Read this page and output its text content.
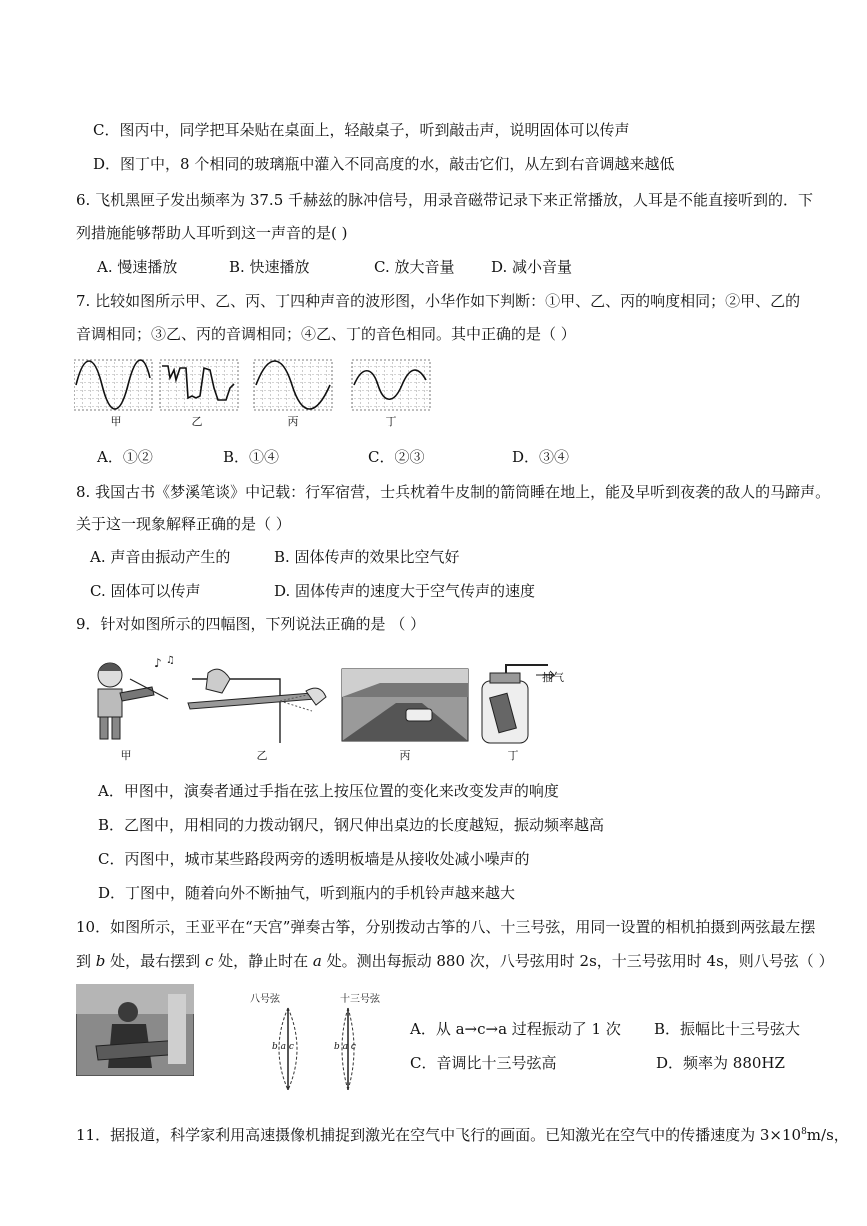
C．图丙中，同学把耳朵贴在桌面上，轻敲桌子，听到敲击声，说明固体可以传声
D．图丁中，8 个相同的玻璃瓶中灌入不同高度的水，敲击它们，从左到右音调越来越低
6. 飞机黑匣子发出频率为 37.5 千赫兹的脉冲信号，用录音磁带记录下来正常播放，人耳是不能直接听到的．下
列措施能够帮助人耳听到这一声音的是( )
A. 慢速播放	B. 快速播放	C. 放大音量 D. 减小音量
7. 比较如图所示甲、乙、丙、丁四种声音的波形图，小华作如下判断：①甲、乙、丙的响度相同；②甲、乙的
音调相同；③乙、丙的音调相同；④乙、丁的音色相同。其中正确的是（ ）
甲	乙	丙	丁
A．①②	B．①④	C．②③	D．③④
8. 我国古书《梦溪笔谈》中记载：行军宿营，士兵枕着牛皮制的箭筒睡在地上，能及早听到夜袭的敌人的马蹄声。
关于这一现象解释正确的是（ ）
A. 声音由振动产生的	B. 固体传声的效果比空气好
C. 固体可以传声	D. 固体传声的速度大于空气传声的速度
9．针对如图所示的四幅图，下列说法正确的是 （ ）
♪ ♫
抽气
甲	乙	丙	丁
A．甲图中，演奏者通过手指在弦上按压位置的变化来改变发声的响度
B．乙图中，用相同的力拨动钢尺，钢尺伸出桌边的长度越短，振动频率越高
C．丙图中，城市某些路段两旁的透明板墙是从接收处减小噪声的
D．丁图中，随着向外不断抽气，听到瓶内的手机铃声越来越大
10．如图所示，王亚平在“天宫”弹奏古筝，分别拨动古筝的八、十三号弦，用同一设置的相机拍摄到两弦最左摆
到 b 处，最右摆到 c 处，静止时在 a 处。测出每振动 880 次，八号弦用时 2s，十三号弦用时 4s，则八号弦（ ）
八号弦	十三号弦
b a c	b a c
A．从 a→c→a 过程振动了 1 次 B．振幅比十三号弦大
C．音调比十三号弦高	D．频率为 880HZ
11．据报道，科学家利用高速摄像机捕捉到激光在空气中飞行的画面。已知激光在空气中的传播速度为 $3\times 10^8m/s$，
